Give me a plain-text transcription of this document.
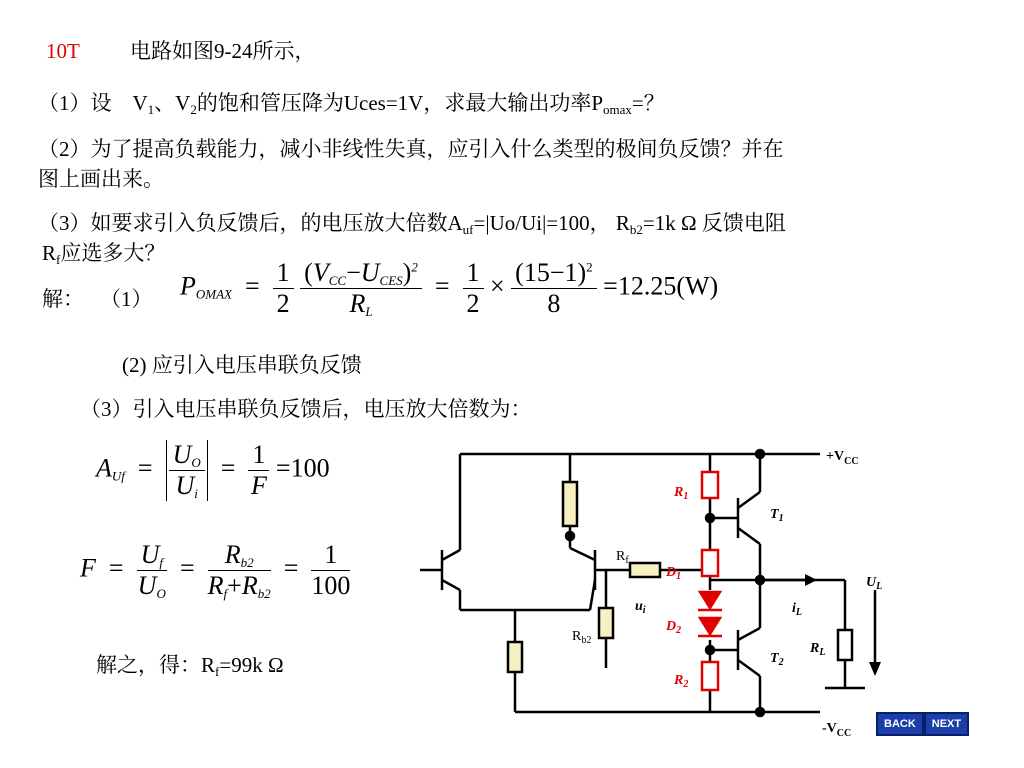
10T 电路如图9-24所示，
（1）设　$V_1$、$V_2$的饱和管压降为Uces=1V，求最大输出功率$P_{omax}=$？
（2）为了提高负载能力，减小非线性失真，应引入什么类型的极间负反馈？并在
图上画出来。
（3）如要求引入负反馈后，的电压放大倍数$A_{uf}=|Uo/Ui|=100$， $R_{b2}=1k$ Ω 反馈电阻
$R_f$应选多大？
解： （1） $P_{OMAX} = \frac{1}{2}$
$\frac{(V_{CC}-U_{CES})^2}{R_L} = \frac{1}{2} \times \frac{(15-1)^2}{8} =12.25(W)$
(2) 应引入电压串联负反馈
（3）引入电压串联负反馈后，电压放大倍数为：
$A_{Uf} = \frac{U_O}{U_i} = \frac{1}{F} =100$
$F = \frac{U_f}{U_O} = \frac{R_{b2}}{R_f+R_{b2}} = \frac{1}{100}$
解之，得：$R_f=99k$ Ω
$+V_{CC}$
$-V_{CC}$
$R_1$
$R_2$
$D_1$
$D_2$
$T_1$
$T_2$
$R_f$
$R_{b2}$
$u_i$	$i_L$
$U_L$
$R_L$
BACK	NEXT
